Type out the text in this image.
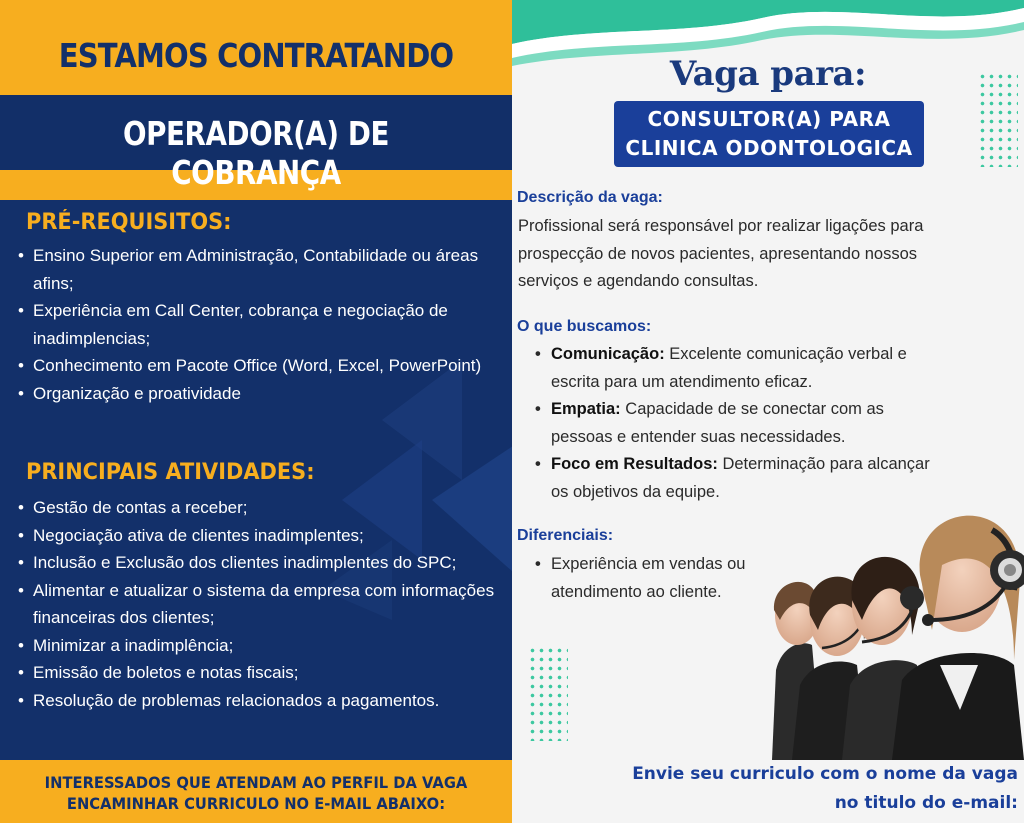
ESTAMOS CONTRATANDO
OPERADOR(A) DE COBRANÇA
PRÉ-REQUISITOS:
• Ensino Superior em Administração, Contabilidade ou áreas afins;
• Experiência em Call Center, cobrança e negociação de inadimplencias;
• Conhecimento em Pacote Office (Word, Excel, PowerPoint)
• Organização e proatividade
PRINCIPAIS ATIVIDADES:
• Gestão de contas a receber;
• Negociação ativa de clientes inadimplentes;
• Inclusão e Exclusão dos clientes inadimplentes do SPC;
• Alimentar e atualizar o sistema da empresa com informações financeiras dos clientes;
• Minimizar a inadimplência;
• Emissão de boletos e notas fiscais;
• Resolução de problemas relacionados a pagamentos.
INTERESSADOS QUE ATENDAM AO PERFIL DA VAGA
ENCAMINHAR CURRICULO NO E-MAIL ABAIXO:
Vaga para:
CONSULTOR(A) PARA
CLINICA ODONTOLOGICA
Descrição da vaga:
Profissional será responsável por realizar ligações para
prospecção de novos pacientes, apresentando nossos
serviços e agendando consultas.
O que buscamos:
• Comunicação: Excelente comunicação verbal e
escrita para um atendimento eficaz.
• Empatia: Capacidade de se conectar com as
pessoas e entender suas necessidades.
• Foco em Resultados: Determinação para alcançar
os objetivos da equipe.
Diferenciais:
• Experiência em vendas ou
atendimento ao cliente.
Envie seu curriculo com o nome da vaga
no titulo do e-mail:
